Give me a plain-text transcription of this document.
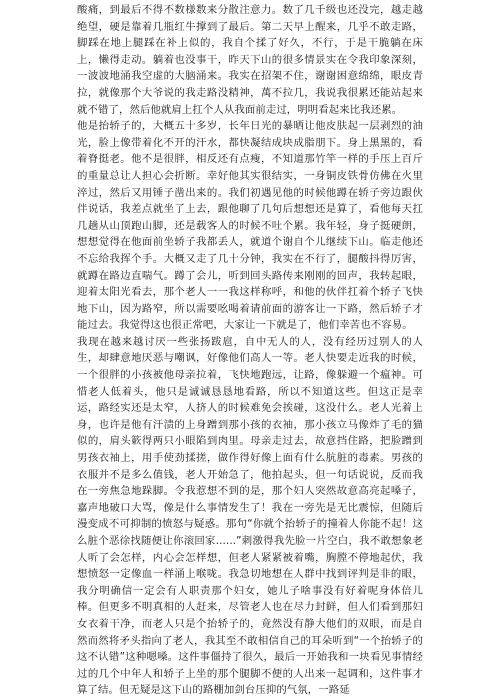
酸痛，到最后不得不数様数来分散注意力。数了几千级也还没完，越走越绝望，硬是靠着几瓶红牛撑到了最后。第二天早上醒来，几乎不敢走路，脚踩在地上腿踩在补上似的，我自个揉了好久，不行，于是干脆躺在床上，懒得走动。躺着也没事干，昨天下山的很多情景实在令我印象深刻，一波波地涌我空虚的大脑涌来。我实在招架不住，谢谢困意绵绵，眼皮青拉，就像那个大爷说的我走路没精神，萬不拉几，我说我很累还能站起来就不错了，然后他就肩上扛个人从我面前走过，明明看起来比我还累。

他是抬轿子的，大概五十多岁，长年日光的暴晒让他皮肤起一层剥烈的油光，脸上像带着化不开的汗水，都快凝结成块成脂朋下。身上黑黑的，看着脊挺老。他不是很胖，相反还有点瘦，不知道那竹竿一样的手压上百斤的重量总让人担心会折断。幸好他其实很结实，一身铜皮铁骨仿佛在火里淬过，然后又用锤子凿出来的。我们初遇见他的时候他蹲在轿子旁边跟伙伴说话，我差点就坐了上去，跟他聊了几句后想想还是算了，看他每天扛几趟从山顶跑山脚，还是载客人的时候不吐个累。我年轻，身子挺硬朗，想想觉得在他面前坐轿子我都丢人，就道个谢自个儿继续下山。临走他还不忘给我挥个手。大概又走了几十分钟，我实在不行了，腿酸抖得厉害，就蹲在路边直喘气。蹲了会儿，听到回头路传来刚刚的回声，我转起眼，迎着太阳光看去，那个老人一一我这样称呼，和他的伙伴扛着个轿子飞快地下山，因为路窄，所以需要吆喝着请前面的游客让一下路，然后轿子才能过去。我觉得这也很正常吧，大家让一下就是了，他们幸苦也不容易。

我现在越来越讨厌一些张扬跋扈，自中无人的人，没有经历过别人的人生，却肆意地厌恶与嘲讽，好像他们高人一等。老人快要走近我的时候，一个很胖的小孩被他母亲拉着，飞快地跑远，让路，像躲避一个瘟神。可惜老人低着头，他只是诚诚恳恳地看路，所以不知道这些。但这正是幸运，路经实还是太窄，人挤人的时候难免会挨碰，这没什么。老人光着上身，也许是他有汗渍的上身蹭到那小孩的衣袖，那小孩立马像炸了毛的猫似的，肩头簌得两只小眼陷到肉里。母亲走过去，故意挡住路，把脸蹭到男孩衣袖上，用手使劲揉搓，做作得好像上面有什么肮脏的毒素。男孩的衣服并不是多么值钱，老人开始急了，他拍起头，但一句话说说，反而我在一旁焦急地跺脚。令我惹想不到的是，那个妇人突然故意高亮起嗓子，嘉声地破口大骂，像是什么事情发生了！我在一旁先是无比震惊，但随后漫变成不可抑制的愤怒与疑惑。那句“你就个抬轿子的撞着人你能不起！这么脏个恶徐找随便让你滚回家......”刺激得我先脸一片空白，我不敢想象老人听了会怎样，内心会怎样想，但老人紧紧被着嘴，胸膛不停地起伏，我想愤怒一定像血一样涌上喉咙。我急切地想在人群中找到评判是非的眼，我分明确信一定会有人职责那个妇女，她儿子啥事没有好着呢身体倍儿棒。但更多不明真相的人赶来，尽管老人也在尽力封鲜，但人们看到那妇女衣着干净，而老人只是个抬轿子的，竟然没有静大他们的双眼，而是自然而然将矛头指向了老人，我其至不敢相信自己的耳朵听到“一个抬轿子的这不认错”这种嗯嗓。这件事僵持了很久，最后一开始我和一块看见事情经过的几个中年人和轿子上坐的那个腿脚不便的人出来一起调和，这件事才算了结。但无疑是这下山的路棚加剑台压抑的气氛，一路延
